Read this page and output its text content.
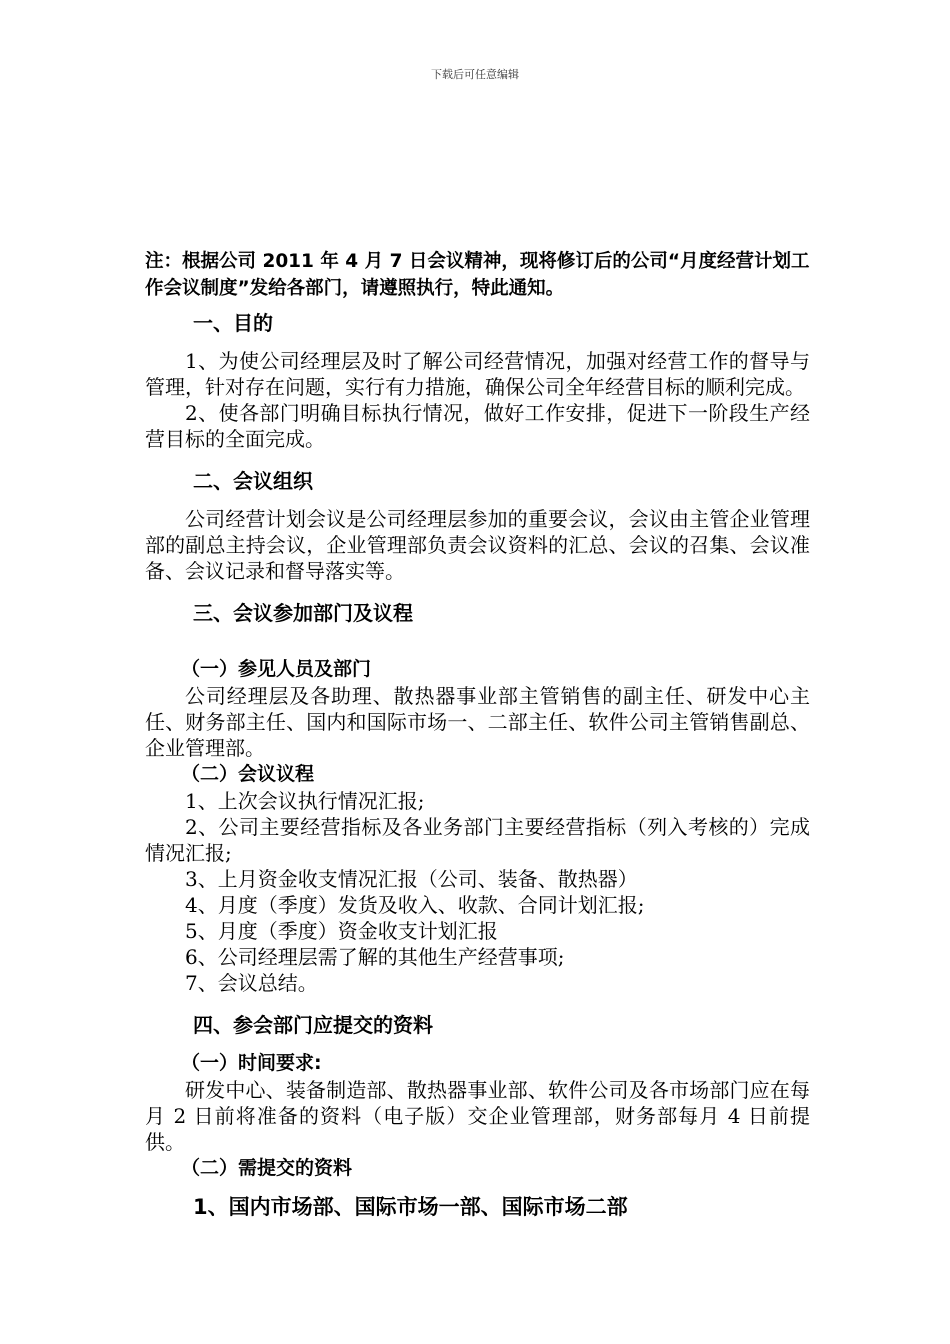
下载后可任意编辑
注：根据公司 2011 年 4 月 7 日会议精神，现将修订后的公司“月度经营计划工作会议制度”发给各部门，请遵照执行，特此通知。
一、目的

1、为使公司经理层及时了解公司经营情况，加强对经营工作的督导与管理，针对存在问题，实行有力措施，确保公司全年经营目标的顺利完成。

2、使各部门明确目标执行情况，做好工作安排，促进下一阶段生产经营目标的全面完成。

二、会议组织

公司经营计划会议是公司经理层参加的重要会议，会议由主管企业管理部的副总主持会议，企业管理部负责会议资料的汇总、会议的召集、会议准备、会议记录和督导落实等。

三、会议参加部门及议程
（一）参见人员及部门

公司经理层及各助理、散热器事业部主管销售的副主任、研发中心主任、财务部主任、国内和国际市场一、二部主任、软件公司主管销售副总、企业管理部。

（二）会议议程

1、上次会议执行情况汇报;

2、公司主要经营指标及各业务部门主要经营指标（列入考核的）完成情况汇报;

3、上月资金收支情况汇报（公司、装备、散热器）

4、月度（季度）发货及收入、收款、合同计划汇报;

5、月度（季度）资金收支计划汇报

6、公司经理层需了解的其他生产经营事项;

7、会议总结。

四、参会部门应提交的资料
（一）时间要求:

研发中心、装备制造部、散热器事业部、软件公司及各市场部门应在每月 2 日前将准备的资料（电子版）交企业管理部，财务部每月 4 日前提供。

（二）需提交的资料
1、国内市场部、国际市场一部、国际市场二部
